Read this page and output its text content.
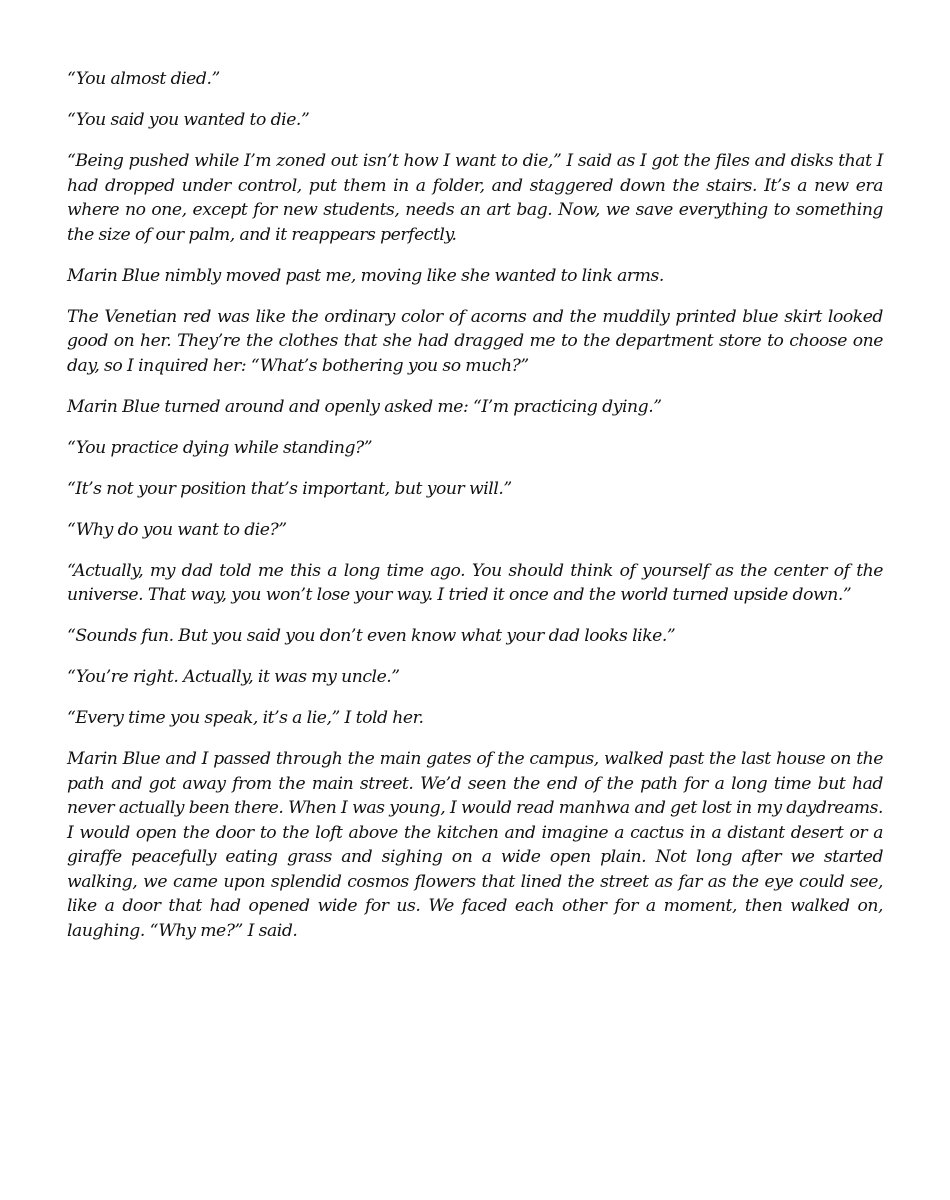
“You almost died.”

“You said you wanted to die.”

“Being pushed while I’m zoned out isn’t how I want to die,” I said as I got the files and disks that I had dropped under control, put them in a folder, and staggered down the stairs. It’s a new era where no one, except for new students, needs an art bag. Now, we save everything to something the size of our palm, and it reappears perfectly.

Marin Blue nimbly moved past me, moving like she wanted to link arms.

The Venetian red was like the ordinary color of acorns and the muddily printed blue skirt looked good on her. They’re the clothes that she had dragged me to the department store to choose one day, so I inquired her: “What’s bothering you so much?”

Marin Blue turned around and openly asked me: “I’m practicing dying.”

“You practice dying while standing?”

“It’s not your position that’s important, but your will.”

“Why do you want to die?”

“Actually, my dad told me this a long time ago. You should think of yourself as the center of the universe. That way, you won’t lose your way. I tried it once and the world turned upside down.”

“Sounds fun. But you said you don’t even know what your dad looks like.”

“You’re right. Actually, it was my uncle.”

“Every time you speak, it’s a lie,” I told her.

Marin Blue and I passed through the main gates of the campus, walked past the last house on the path and got away from the main street. We’d seen the end of the path for a long time but had never actually been there. When I was young, I would read manhwa and get lost in my daydreams. I would open the door to the loft above the kitchen and imagine a cactus in a distant desert or a giraffe peacefully eating grass and sighing on a wide open plain. Not long after we started walking, we came upon splendid cosmos flowers that lined the street as far as the eye could see, like a door that had opened wide for us. We faced each other for a moment, then walked on, laughing. “Why me?” I said.
